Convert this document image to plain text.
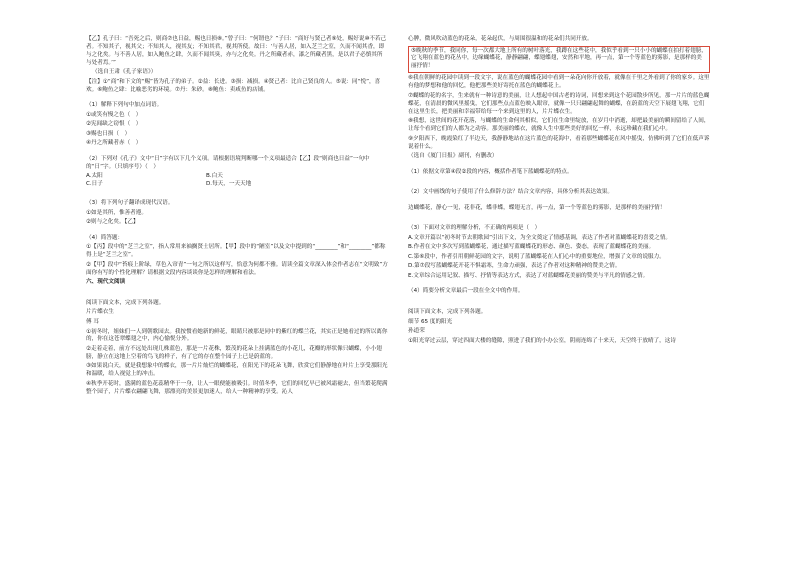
【乙】孔子曰：“吾死之后，则商⑦也日益，赐也日损⑧。”曾子曰：“何谓也？”子曰：“商好与贤己者⑨处，赐好说⑩不若己者。不知其子，视其父；不知其人，视其友；不知其君，视其所使。故曰：‘与善人居，如入芝兰之室，久而不闻其香，即与之化矣。与不善人居，如入鲍鱼之肆，久而不闻其臭，亦与之化矣。丹之所藏者赤，漆之所藏者黑，是以君子必慎其所与处者焉。’”

（选自王肃《孔子家语》）

【注】①“商”和下文的“赐”皆为孔子的弟子。②益：长进。③损：减损。④贤己者：比自己贤良的人。⑤说：同“悦”，喜欢。⑥鲍鱼之肆：比喻恶劣的环境。⑦丹：朱砂。⑧鲍鱼：卖咸鱼的店铺。

（1）解释下列句中加点词语。

①或笑有慢之色（　）

②宪闻缺之窃恨（　）

③赐也日损（　）

④丹之所藏者赤（　）

（2）下列对《孔子》文中“日”字有以下几个义项。请根据语境判断哪一个义项最适合【乙】段“则商也日益”一句中的“日”字。（只填序号）（　）

A.太阳	B.白天
C.日子	D.每天，一天天地

（3）将下列句子翻译成现代汉语。

①如是其所，惟善者遵。

②则与之化矣。【乙】

（4）简答题：

①【丙】段中的“芝兰之室”，指人常用来袖搁贤士居所。【甲】段中的“陋室”以及文中提到的“________”和“________”都称得上是“芝兰之室”。

②【甲】段中“苔痕上阶绿，草色入帘青”一句之所以这样写，恰意为何都不雅。请读全篇文章深入体会作者志在“文明致”方面你有写的个性化理解？请根据文段内容谈谈你是怎样的理解和看法。

六、现代文阅读

阅读下面文本，完成下列各题。

片片蝶衣生

傅 耳

①初冬时，姐妹们一人到朝歌园去。我按惯看她新的鲜花，眼睛只被那是同中的紫红的蝶兰花，其实正是她看过的所以离你的，你在这苍翠蝶翅之中，内心愉悦分外。

②走着走着，前方不远处出现几株蓝色，那是一片花株，繁茂的花朵上挂满蓝色的小花儿，花瓣的形状像只蝴蝶，小小翅膀，静立在这地上空着的鸟飞的样子，有了它的存在整个园子上已是蔚蓝的。

③如果说白天，就是我想象中的蝶衣，那一片片灿烂的蝴蝶花，在阳光下的花朵飞舞，欣赏它们静静地在叶片上享受那阳光和温暖，给人视觉上的冲击。

④秋季开花时，盛满的蓝色花蕊精华于一身，让人一眼便能被吸引。时值冬季，它们的回忆早已被风霜褪去，但当繁花爬满整个园子，片片蝶衣翩翩飞舞，那漂亮的美景更加迷人，给人一种精神的享受。沁人

心脾，微风吹动蓝色的花朵，花朵起伏，与周围很温和的花朵们共同开放。

⑤晚秋的季节，我同你，每一次都大地上所有的树叶落光，我蹲在这些花中，我似乎看到一只小小的蝴蝶在拍打着翅膀，它飞翔在蓝色的花丛中，边缘蝴蝶花，静静翩翩，蝶翅蝶翅，安然和平地，再一点，第一个等蓝色的雾影，是那样的美丽抒情！

⑥我在朝鲜的花园中读到一段文字，说在蓝色的蝴蝶花园中看到一朵花向你开放着，就像在千里之外看到了你的家乡。这里有他的梦想和他的回忆，他把那些美好寄托在蓝色的蝴蝶花上。

⑦蝴蝶的花的名字，生来就有一种诗意的美丽，让人想起中国古老的诗词，回想来到这个花园散步所见，那一片片的蓝色蝴蝶花，在清晨的微风里摇曳，它们那些点点蓝色映入眼帘，就像一只只翩翩起舞的蝴蝶，在蔚蓝的天空下展翅飞翔，它们在这里生长，把美丽和幸福带给每一个来到这里的人，片片蝶衣生。

⑧我想，这世间的花开花落，与蝴蝶的生命何其相似，它们在生命里绽放，在岁月中消逝，却把最美丽的瞬间留给了人间，让每个看到它们的人都为之动容。那美丽的蝶衣，就像人生中那些美好的回忆一样，永远珍藏在我们心中。

⑨夕阳西下，晚霞染红了半边天，我静静地站在这片蓝色的花海中，看着那些蝴蝶花在风中摇曳，仿佛听到了它们在低声诉说着什么。

（选自《厦门日报》副刊，有删改）

（1）依据文章第④段②段的内容，概括作者笔下蓝蝴蝶花的特点。

（2）文中画线的句子使用了什么修辞方法？结合文章内容，具体分析其表达效果。

边蝴蝶花，静心一见，花非花，蝶非蝶，蝶翅无言，再一点，第一个等蓝色的雾影，是那样的美丽抒情！

（3）下面对文章的理解分析，不正确的两项是（　）

A.文章开篇以“初冬时节去朝歌园”引出下文，为全文奠定了情感基调，表达了作者对蓝蝴蝶花的喜爱之情。

B.作者在文中多次写到蓝蝴蝶花，通过描写蓝蝴蝶花的形态、颜色、姿态，表现了蓝蝴蝶花的美丽。

C.第⑥段中，作者引用朝鲜花园的文字，说明了蓝蝴蝶花在人们心中的重要地位，增强了文章的说服力。

D.第⑦段写蓝蝴蝶花开花不惧霜寒，生命力顽强，表达了作者对这种精神的赞美之情。

E.文章综合运用记叙、描写、抒情等表达方式，表达了对蓝蝴蝶花美丽的赞美与平凡的情感之情。

（4）简要分析文章最后一段在全文中的作用。

阅读下面文本，完成下列各题。

细节 65 度的阳光

孙道荣

①阳光穿过云层，穿过四面大楼的缝隙，照进了我们的小办公室，阴雨连绵了十来天，天空终于放晴了，这诗
